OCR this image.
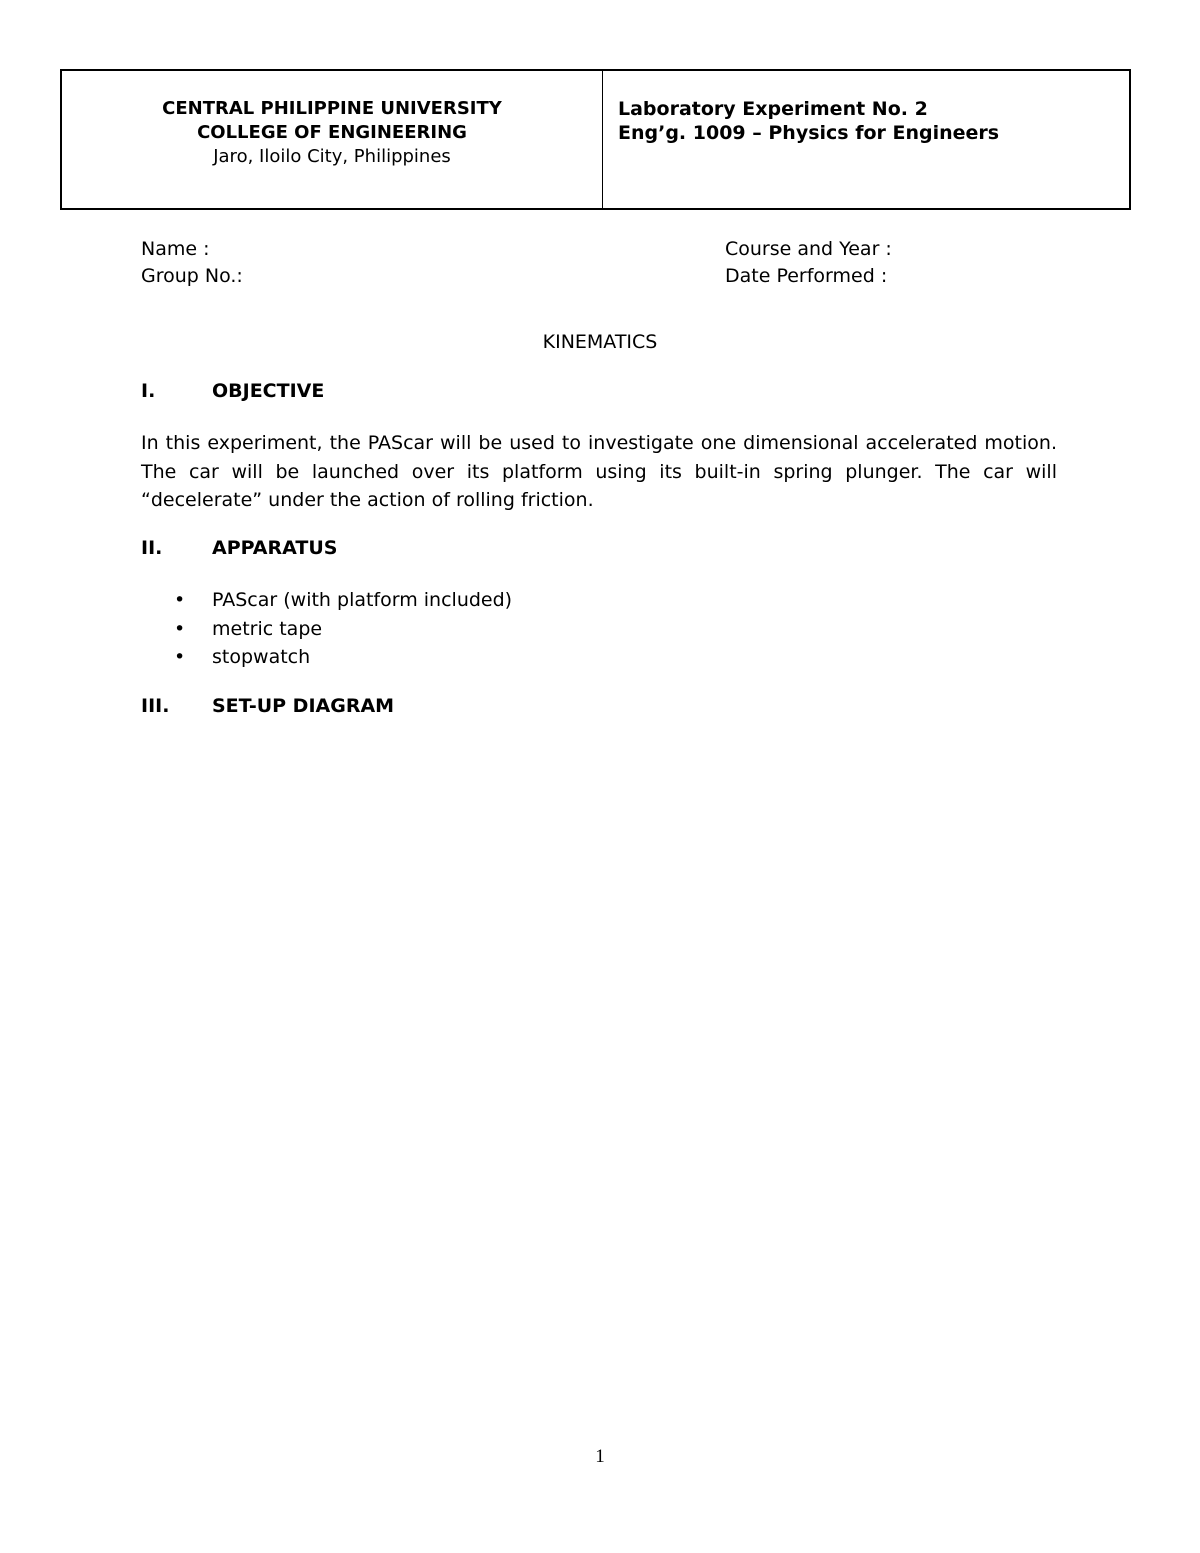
CENTRAL PHILIPPINE UNIVERSITY
COLLEGE OF ENGINEERING
Jaro, Iloilo City, Philippines
Laboratory Experiment No. 2
Eng’g. 1009 – Physics for Engineers
Name :
Group No.:
Course and Year :
Date Performed :
KINEMATICS
I.	OBJECTIVE
In this experiment, the PAScar will be used to investigate one dimensional accelerated motion. The car will be launched over its platform using its built-in spring plunger. The car will “decelerate” under the action of rolling friction.
II.	APPARATUS
• PAScar (with platform included)
• metric tape
• stopwatch
III. SET-UP DIAGRAM
1
